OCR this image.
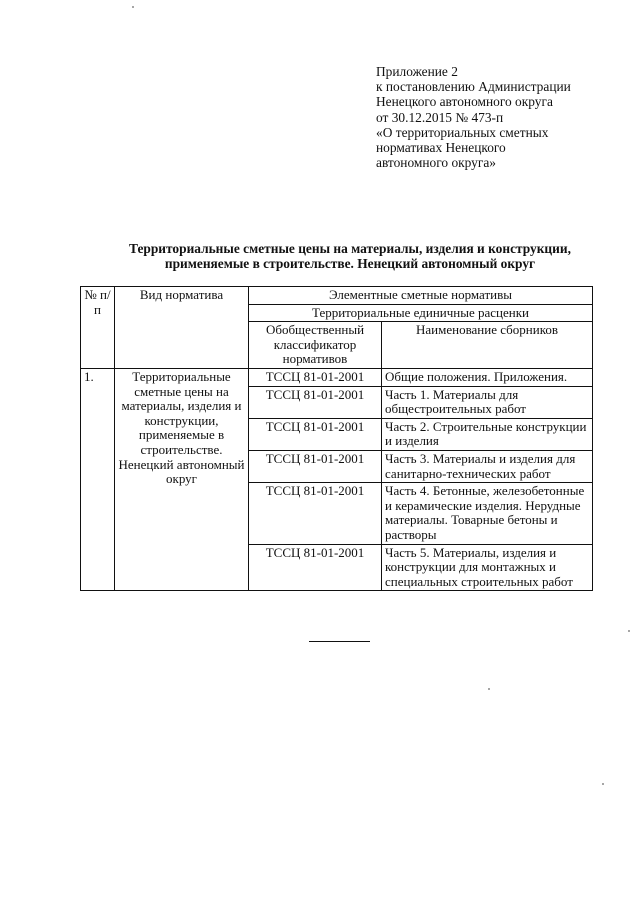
Приложение 2
к постановлению Администрации
Ненецкого автономного округа
от 30.12.2015 № 473-п
«О территориальных сметных
нормативах Ненецкого
автономного округа»
Территориальные сметные цены на материалы, изделия и конструкции,
применяемые в строительстве. Ненецкий автономный округ
№ п/ п	Вид норматива	Элементные сметные нормативы	
		Территориальные единичные расценки	
		Обобщественный классификатор нормативов	Наименование сборников
1.	Территориальные сметные цены на материалы, изделия и конструкции, применяемые в строительстве. Ненецкий автономный округ	ТССЦ 81-01-2001	Общие положения. Приложения.
		ТССЦ 81-01-2001	Часть 1. Материалы для общестроительных работ
		ТССЦ 81-01-2001	Часть 2. Строительные конструкции и изделия
		ТССЦ 81-01-2001	Часть 3. Материалы и изделия для санитарно-технических работ
		ТССЦ 81-01-2001	Часть 4. Бетонные, железобетонные и керамические изделия. Нерудные материалы. Товарные бетоны и растворы
		ТССЦ 81-01-2001	Часть 5. Материалы, изделия и конструкции для монтажных и специальных строительных работ
